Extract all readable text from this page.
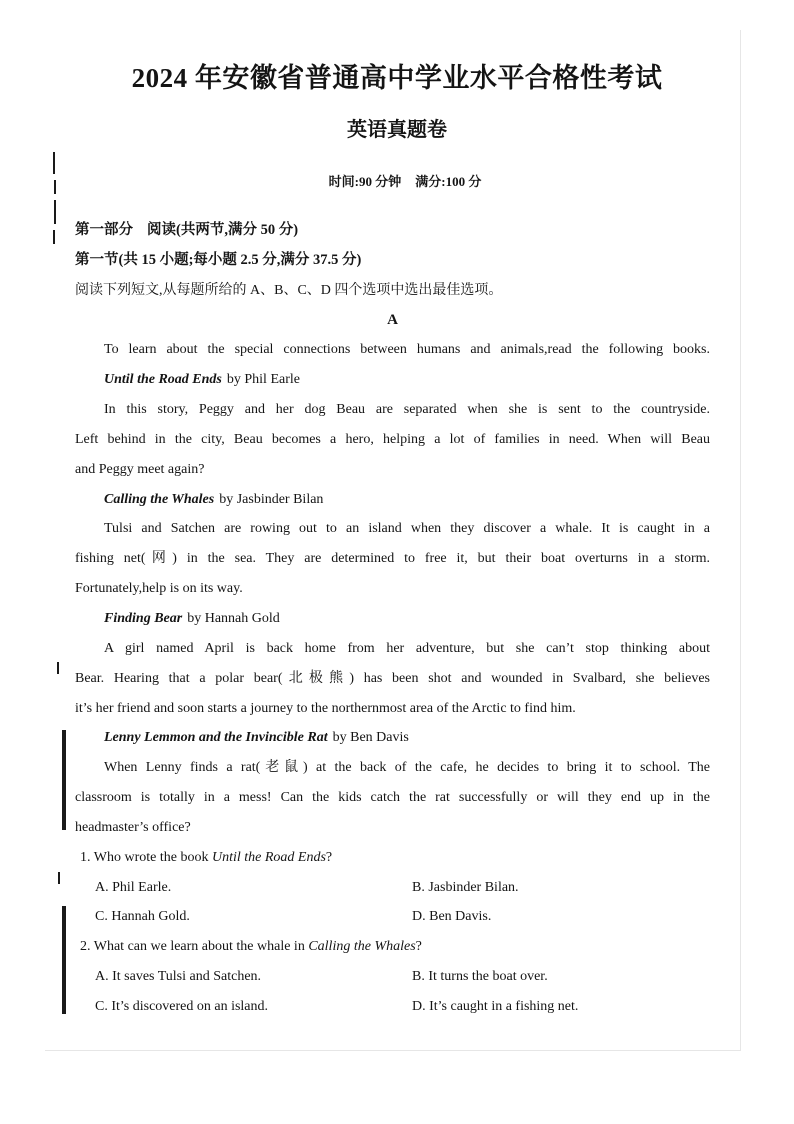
2024 年安徽省普通高中学业水平合格性考试
英语真题卷
时间:90 分钟 满分:100 分
第一部分 阅读(共两节,满分 50 分)
第一节(共 15 小题;每小题 2.5 分,满分 37.5 分)
阅读下列短文,从每题所给的 A、B、C、D 四个选项中选出最佳选项。
A
To learn about the special connections between humans and animals,read the following books.
Until the Road Ends by Phil Earle
In this story, Peggy and her dog Beau are separated when she is sent to the countryside.
Left behind in the city, Beau becomes a hero, helping a lot of families in need. When will Beau
and Peggy meet again?
Calling the Whales by Jasbinder Bilan
Tulsi and Satchen are rowing out to an island when they discover a whale. It is caught in a
fishing net(网) in the sea. They are determined to free it, but their boat overturns in a storm.
Fortunately,help is on its way.
Finding Bear by Hannah Gold
A girl named April is back home from her adventure, but she can’t stop thinking about
Bear. Hearing that a polar bear(北极熊) has been shot and wounded in Svalbard, she believes
it’s her friend and soon starts a journey to the northernmost area of the Arctic to find him.
Lenny Lemmon and the Invincible Rat by Ben Davis
When Lenny finds a rat(老鼠) at the back of the cafe, he decides to bring it to school. The
classroom is totally in a mess! Can the kids catch the rat successfully or will they end up in the
headmaster’s office?
1. Who wrote the book Until the Road Ends?
A. Phil Earle.	B. Jasbinder Bilan.
C. Hannah Gold.	D. Ben Davis.
2. What can we learn about the whale in Calling the Whales?
A. It saves Tulsi and Satchen.	B. It turns the boat over.
C. It’s discovered on an island.	D. It’s caught in a fishing net.
